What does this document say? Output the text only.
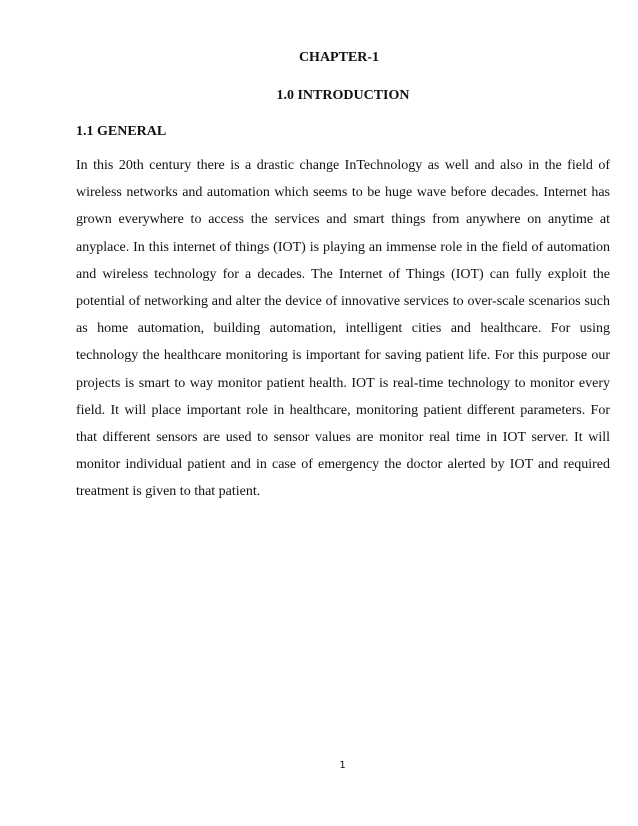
CHAPTER-1
1.0 INTRODUCTION
1.1 GENERAL

In this 20th century there is a drastic change InTechnology as well and also in the field of wireless networks and automation which seems to be huge wave before decades. Internet has grown everywhere to access the services and smart things from anywhere on anytime at anyplace. In this internet of things (IOT) is playing an immense role in the field of automation and wireless technology for a decades. The Internet of Things (IOT) can fully exploit the potential of networking and alter the device of innovative services to over-scale scenarios such as home automation, building automation, intelligent cities and healthcare. For using technology the healthcare monitoring is important for saving patient life. For this purpose our projects is smart to way monitor patient health. IOT is real-time technology to monitor every field. It will place important role in healthcare, monitoring patient different parameters. For that different sensors are used to sensor values are monitor real time in IOT server. It will monitor individual patient and in case of emergency the doctor alerted by IOT and required treatment is given to that patient.

1
